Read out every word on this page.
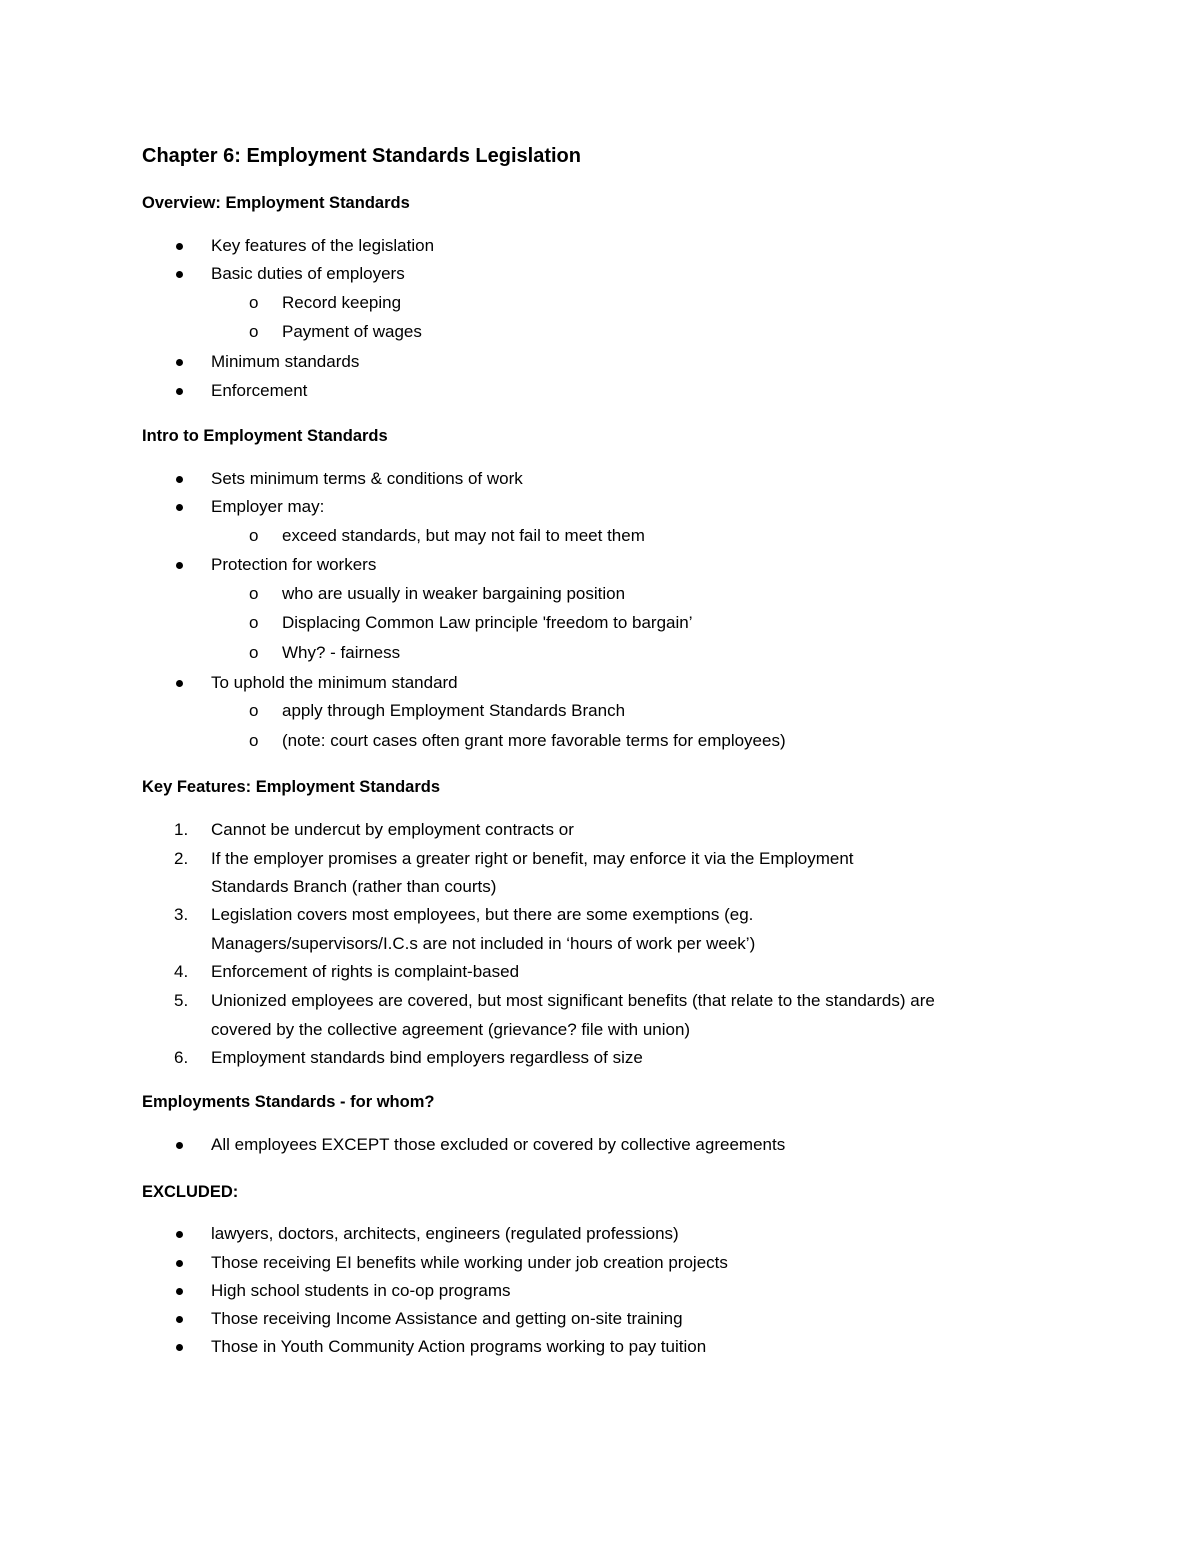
Chapter 6: Employment Standards Legislation
Overview: Employment Standards
Key features of the legislation
Basic duties of employers
o Record keeping
o Payment of wages
Minimum standards
Enforcement
Intro to Employment Standards
Sets minimum terms & conditions of work
Employer may:
o exceed standards, but may not fail to meet them
Protection for workers
o who are usually in weaker bargaining position
o Displacing Common Law principle 'freedom to bargain’
o Why? - fairness
To uphold the minimum standard
o apply through Employment Standards Branch
o (note: court cases often grant more favorable terms for employees)
Key Features: Employment Standards
1. Cannot be undercut by employment contracts or
2. If the employer promises a greater right or benefit, may enforce it via the Employment
Standards Branch (rather than courts)
3. Legislation covers most employees, but there are some exemptions (eg.
Managers/supervisors/I.C.s are not included in ‘hours of work per week’)
4. Enforcement of rights is complaint-based
5. Unionized employees are covered, but most significant benefits (that relate to the standards) are
covered by the collective agreement (grievance? file with union)
6. Employment standards bind employers regardless of size
Employments Standards - for whom?
All employees EXCEPT those excluded or covered by collective agreements
EXCLUDED:
lawyers, doctors, architects, engineers (regulated professions)
Those receiving EI benefits while working under job creation projects
High school students in co-op programs
Those receiving Income Assistance and getting on-site training
Those in Youth Community Action programs working to pay tuition
